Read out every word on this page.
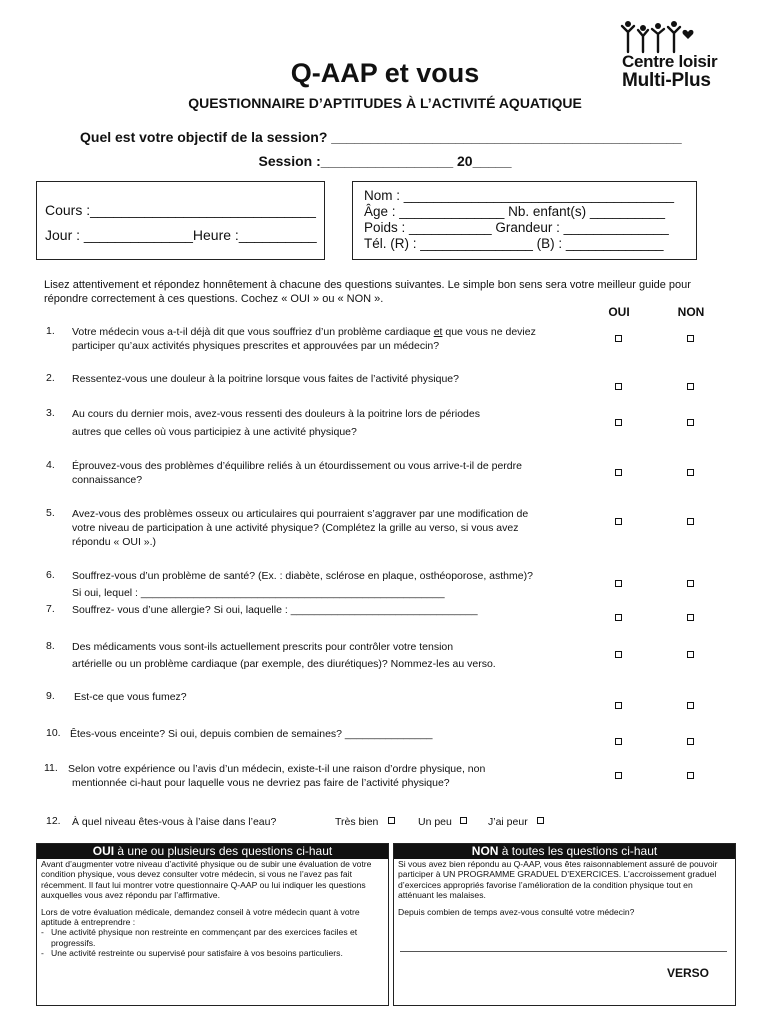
Centre loisir
Multi-Plus
Q-AAP et vous
QUESTIONNAIRE D’APTITUDES À L’ACTIVITÉ AQUATIQUE
Quel est votre objectif de la session? _____________________________________________
Session :_________________ 20_____
Cours :_____________________________
Jour : ______________Heure :__________
Nom : ____________________________________
Âge : ______________ Nb. enfant(s) __________
Poids : ___________ Grandeur : ______________
Tél. (R) : _______________ (B) : _____________
Lisez attentivement et répondez honnêtement à chacune des questions suivantes. Le simple bon sens sera votre meilleur guide pour répondre correctement à ces questions. Cochez « OUI » ou « NON ».
OUI	NON
1. Votre médecin vous a-t-il déjà dit que vous souffriez d’un problème cardiaque et que vous ne deviez
participer qu’aux activités physiques prescrites et approuvées par un médecin?
2. Ressentez-vous une douleur à la poitrine lorsque vous faites de l’activité physique?
3. Au cours du dernier mois, avez-vous ressenti des douleurs à la poitrine lors de périodes
autres que celles où vous participiez à une activité physique?
4. Éprouvez-vous des problèmes d’équilibre reliés à un étourdissement ou vous arrive-t-il de perdre
connaissance?
5. Avez-vous des problèmes osseux ou articulaires qui pourraient s’aggraver par une modification de
votre niveau de participation à une activité physique? (Complétez la grille au verso, si vous avez
répondu « OUI ».)
6. Souffrez-vous d’un problème de santé? (Ex. : diabète, sclérose en plaque, osthéoporose, asthme)?
Si oui, lequel : ____________________________________________________
7. Souffrez- vous d’une allergie? Si oui, laquelle : ________________________________
8. Des médicaments vous sont-ils actuellement prescrits pour contrôler votre tension
artérielle ou un problème cardiaque (par exemple, des diurétiques)? Nommez-les au verso.
9. Est-ce que vous fumez?
10. Êtes-vous enceinte? Si oui, depuis combien de semaines? _______________
11. Selon votre expérience ou l’avis d’un médecin, existe-t-il une raison d’ordre physique, non
mentionnée ci-haut pour laquelle vous ne devriez pas faire de l’activité physique?
12. À quel niveau êtes-vous à l’aise dans l’eau?	Très bien	Un peu	J’ai peur
OUI à une ou plusieurs des questions ci-haut

Avant d’augmenter votre niveau d’activité physique ou de subir une évaluation de votre condition physique, vous devez consulter votre médecin, si vous ne l’avez pas fait récemment. Il faut lui montrer votre questionnaire Q-AAP ou lui indiquer les questions auxquelles vous avez répondu par l’affirmative.

Lors de votre évaluation médicale, demandez conseil à votre médecin quant à votre aptitude à entreprendre :

- Une activité physique non restreinte en commençant par des exercices faciles et progressifs.
- Une activité restreinte ou supervisé pour satisfaire à vos besoins particuliers.
NON à toutes les questions ci-haut

Si vous avez bien répondu au Q-AAP, vous êtes raisonnablement assuré de pouvoir participer à UN PROGRAMME GRADUEL D’EXERCICES. L’accroissement graduel d’exercices appropriés favorise l’amélioration de la condition physique tout en atténuant les malaises.

Depuis combien de temps avez-vous consulté votre médecin?

VERSO
